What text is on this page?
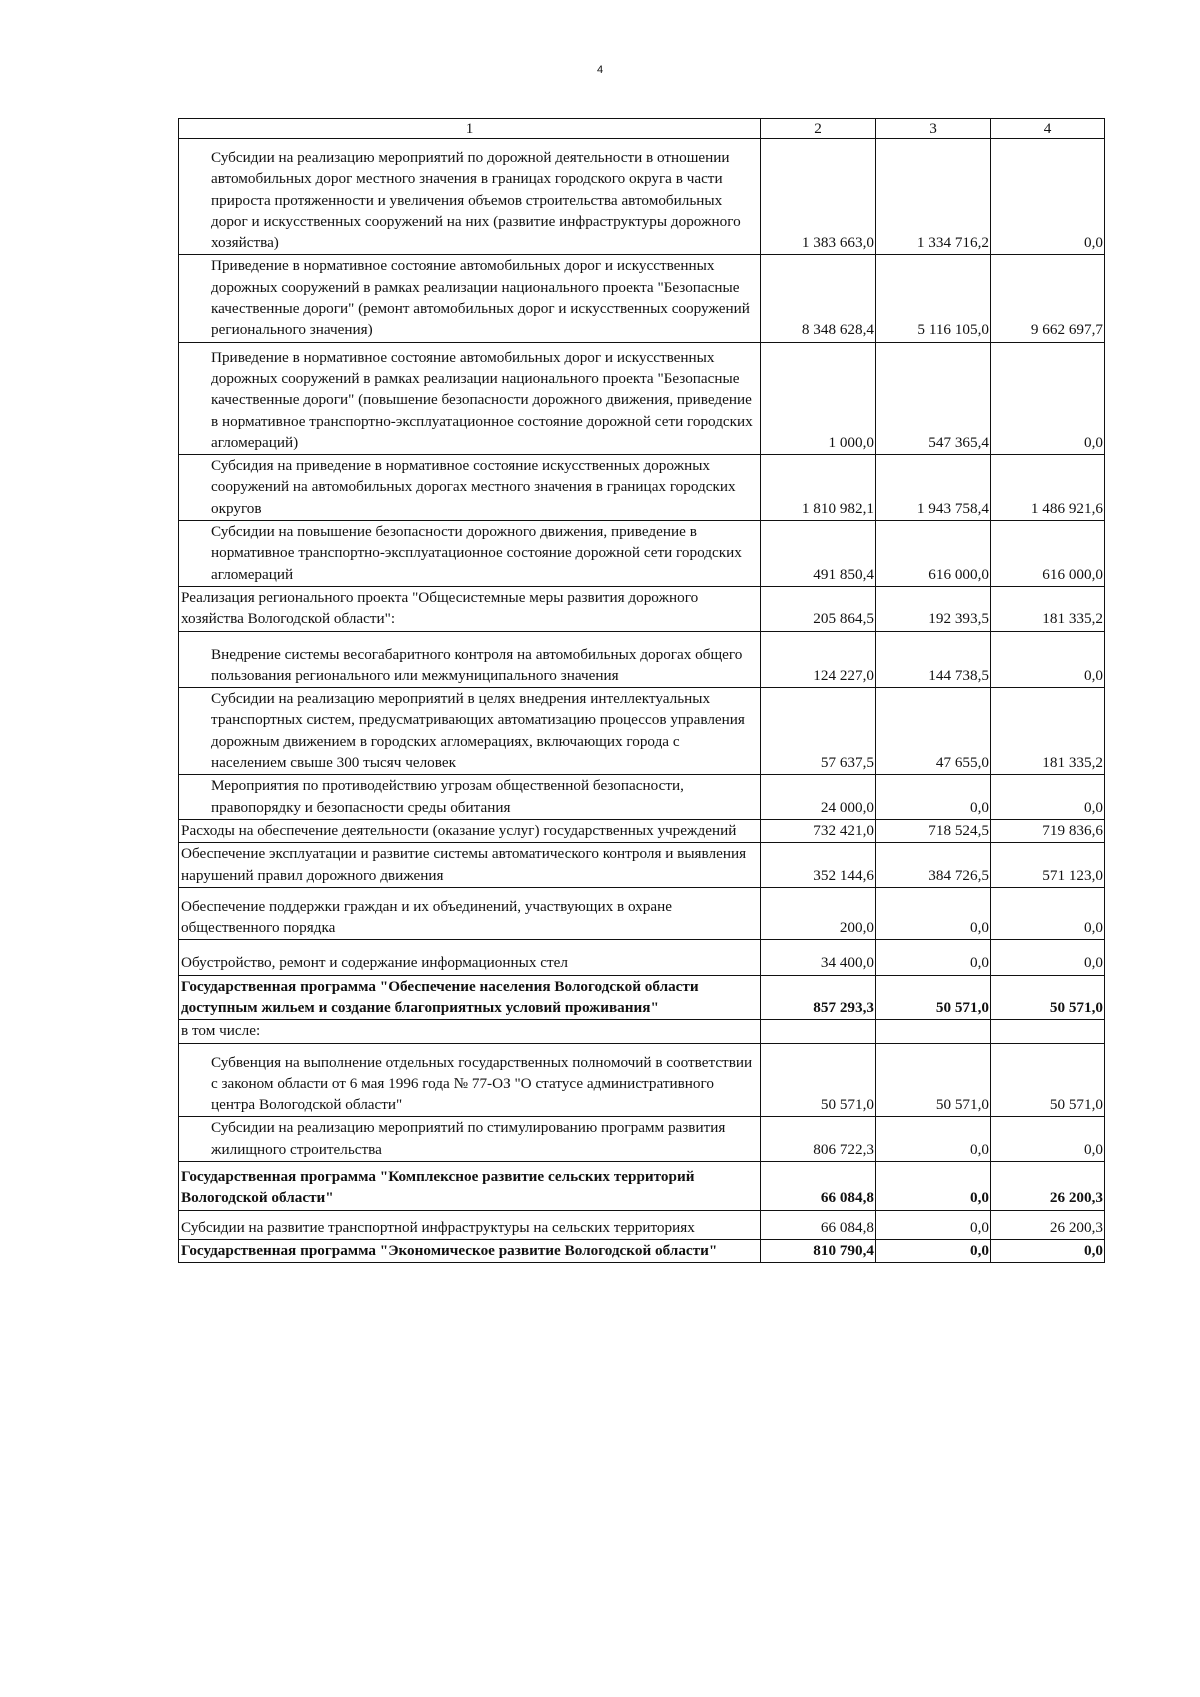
4
1	2	3	4
Субсидии на реализацию мероприятий по дорожной деятельности в отношении автомобильных дорог местного значения в границах городского округа в части прироста протяженности и увеличения объемов строительства автомобильных дорог и искусственных сооружений на них (развитие инфраструктуры дорожного хозяйства)	1 383 663,0	1 334 716,2	0,0
Приведение в нормативное состояние автомобильных дорог и искусственных дорожных сооружений в рамках реализации национального проекта "Безопасные качественные дороги" (ремонт автомобильных дорог и искусственных сооружений регионального значения)	8 348 628,4	5 116 105,0	9 662 697,7
Приведение в нормативное состояние автомобильных дорог и искусственных дорожных сооружений в рамках реализации национального проекта "Безопасные качественные дороги" (повышение безопасности дорожного движения, приведение в нормативное транспортно-эксплуатационное состояние дорожной сети городских агломераций)	1 000,0	547 365,4	0,0
Субсидия на приведение в нормативное состояние искусственных дорожных сооружений на автомобильных дорогах местного значения в границах городских округов	1 810 982,1	1 943 758,4	1 486 921,6
Субсидии на повышение безопасности дорожного движения, приведение в нормативное транспортно-эксплуатационное состояние дорожной сети городских агломераций	491 850,4	616 000,0	616 000,0
Реализация регионального проекта "Общесистемные меры развития дорожного хозяйства Вологодской области":	205 864,5	192 393,5	181 335,2
Внедрение системы весогабаритного контроля на автомобильных дорогах общего пользования регионального или межмуниципального значения	124 227,0	144 738,5	0,0
Субсидии на реализацию мероприятий в целях внедрения интеллектуальных транспортных систем, предусматривающих автоматизацию процессов управления дорожным движением в городских агломерациях, включающих города с населением свыше 300 тысяч человек	57 637,5	47 655,0	181 335,2
Мероприятия по противодействию угрозам общественной безопасности, правопорядку и безопасности среды обитания	24 000,0	0,0	0,0
Расходы на обеспечение деятельности (оказание услуг) государственных учреждений	732 421,0	718 524,5	719 836,6
Обеспечение эксплуатации и развитие системы автоматического контроля и выявления нарушений правил дорожного движения	352 144,6	384 726,5	571 123,0
Обеспечение поддержки граждан и их объединений, участвующих в охране общественного порядка	200,0	0,0	0,0
Обустройство, ремонт и содержание информационных стел	34 400,0	0,0	0,0
Государственная программа "Обеспечение населения Вологодской области доступным жильем и создание благоприятных условий проживания"	857 293,3	50 571,0	50 571,0
в том числе:			
Субвенция на выполнение отдельных государственных полномочий в соответствии с законом области от 6 мая 1996 года № 77-ОЗ "О статусе административного центра Вологодской области"	50 571,0	50 571,0	50 571,0
Субсидии на реализацию мероприятий по стимулированию программ развития жилищного строительства	806 722,3	0,0	0,0
Государственная программа "Комплексное развитие сельских территорий Вологодской области"	66 084,8	0,0	26 200,3
Субсидии на развитие транспортной инфраструктуры на сельских территориях	66 084,8	0,0	26 200,3
Государственная программа "Экономическое развитие Вологодской области"	810 790,4	0,0	0,0
